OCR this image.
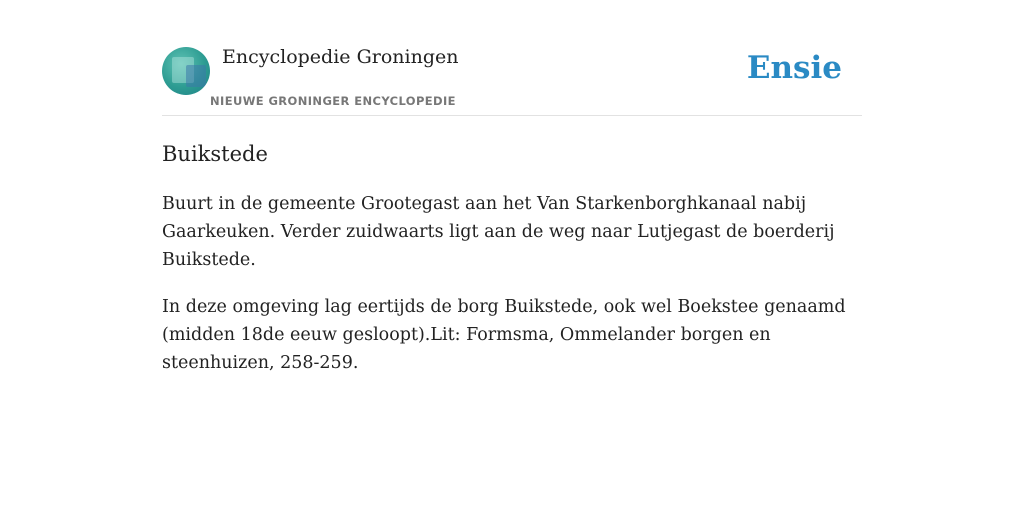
Encyclopedie Groningen
NIEUWE GRONINGER ENCYCLOPEDIE
Ensie
Buikstede

Buurt in de gemeente Grootegast aan het Van Starkenborghkanaal nabij Gaarkeuken. Verder zuidwaarts ligt aan de weg naar Lutjegast de boerderij Buikstede.

In deze omgeving lag eertijds de borg Buikstede, ook wel Boekstee genaamd (midden 18de eeuw gesloopt).Lit: Formsma, Ommelander borgen en steenhuizen, 258-259.
